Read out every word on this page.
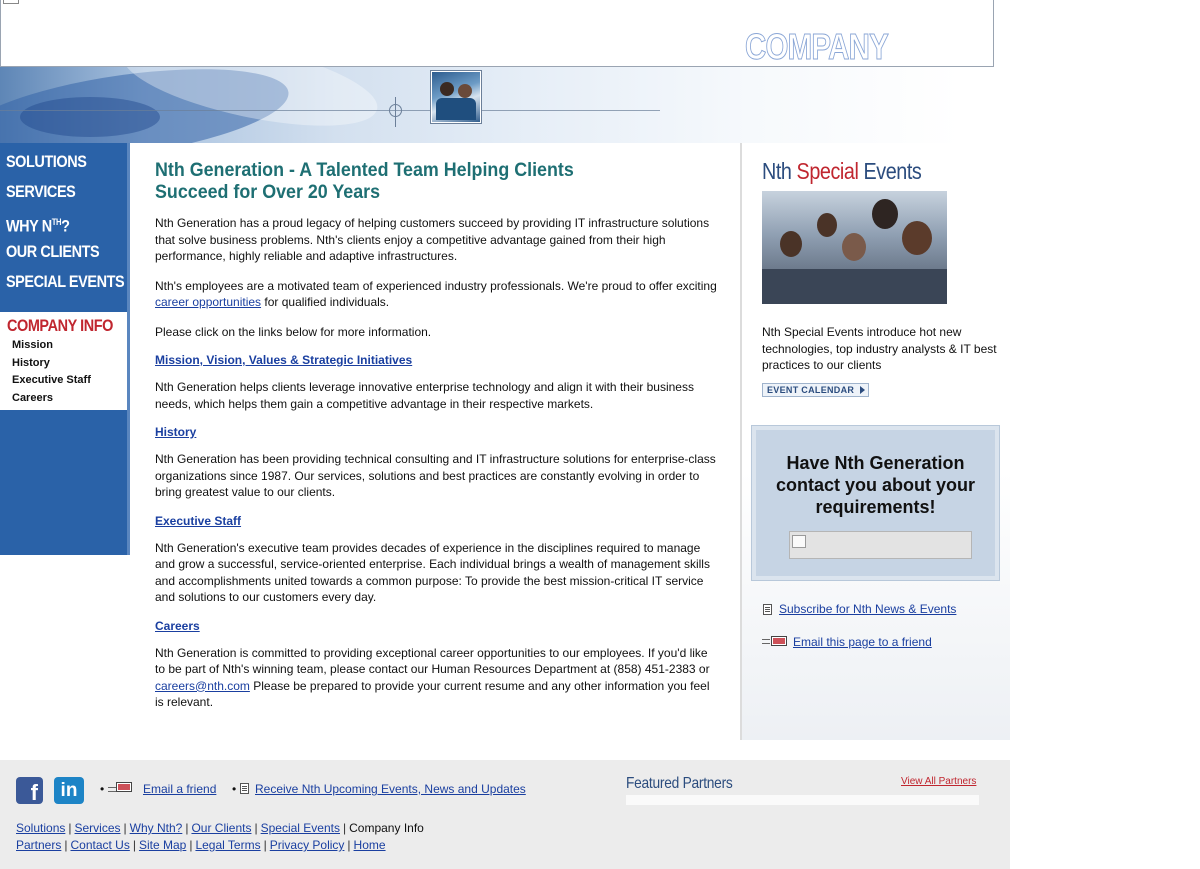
COMPANY
SOLUTIONS
SERVICES
WHY $N^{TH}$?
OUR CLIENTS
SPECIAL EVENTS
COMPANY INFO
Mission
History
Executive Staff
Careers
Nth Generation - A Talented Team Helping Clients Succeed for Over 20 Years

Nth Generation has a proud legacy of helping customers succeed by providing IT infrastructure solutions that solve business problems. Nth's clients enjoy a competitive advantage gained from their high performance, highly reliable and adaptive infrastructures.

Nth's employees are a motivated team of experienced industry professionals. We're proud to offer exciting career opportunities for qualified individuals.

Please click on the links below for more information.

Mission, Vision, Values & Strategic Initiatives

Nth Generation helps clients leverage innovative enterprise technology and align it with their business needs, which helps them gain a competitive advantage in their respective markets.

History

Nth Generation has been providing technical consulting and IT infrastructure solutions for enterprise-class organizations since 1987. Our services, solutions and best practices are constantly evolving in order to bring greatest value to our clients.

Executive Staff

Nth Generation's executive team provides decades of experience in the disciplines required to manage and grow a successful, service-oriented enterprise. Each individual brings a wealth of management skills and accomplishments united towards a common purpose: To provide the best mission-critical IT service and solutions to our customers every day.

Careers

Nth Generation is committed to providing exceptional career opportunities to our employees. If you'd like to be part of Nth's winning team, please contact our Human Resources Department at (858) 451-2383 or careers@nth.com Please be prepared to provide your current resume and any other information you feel is relevant.

Nth Special Events
Nth Special Events introduce hot new technologies, top industry analysts & IT best practices to our clients
EVENT CALENDAR
Have Nth Generation contact you about your requirements!
Subscribe for Nth News & Events
Email this page to a friend
f	in	•	Email a friend • Receive Nth Upcoming Events, News and Updates	Featured Partners	View All Partners
Solutions | Services | Why Nth? | Our Clients | Special Events | Company Info
Partners | Contact Us | Site Map | Legal Terms | Privacy Policy | Home
